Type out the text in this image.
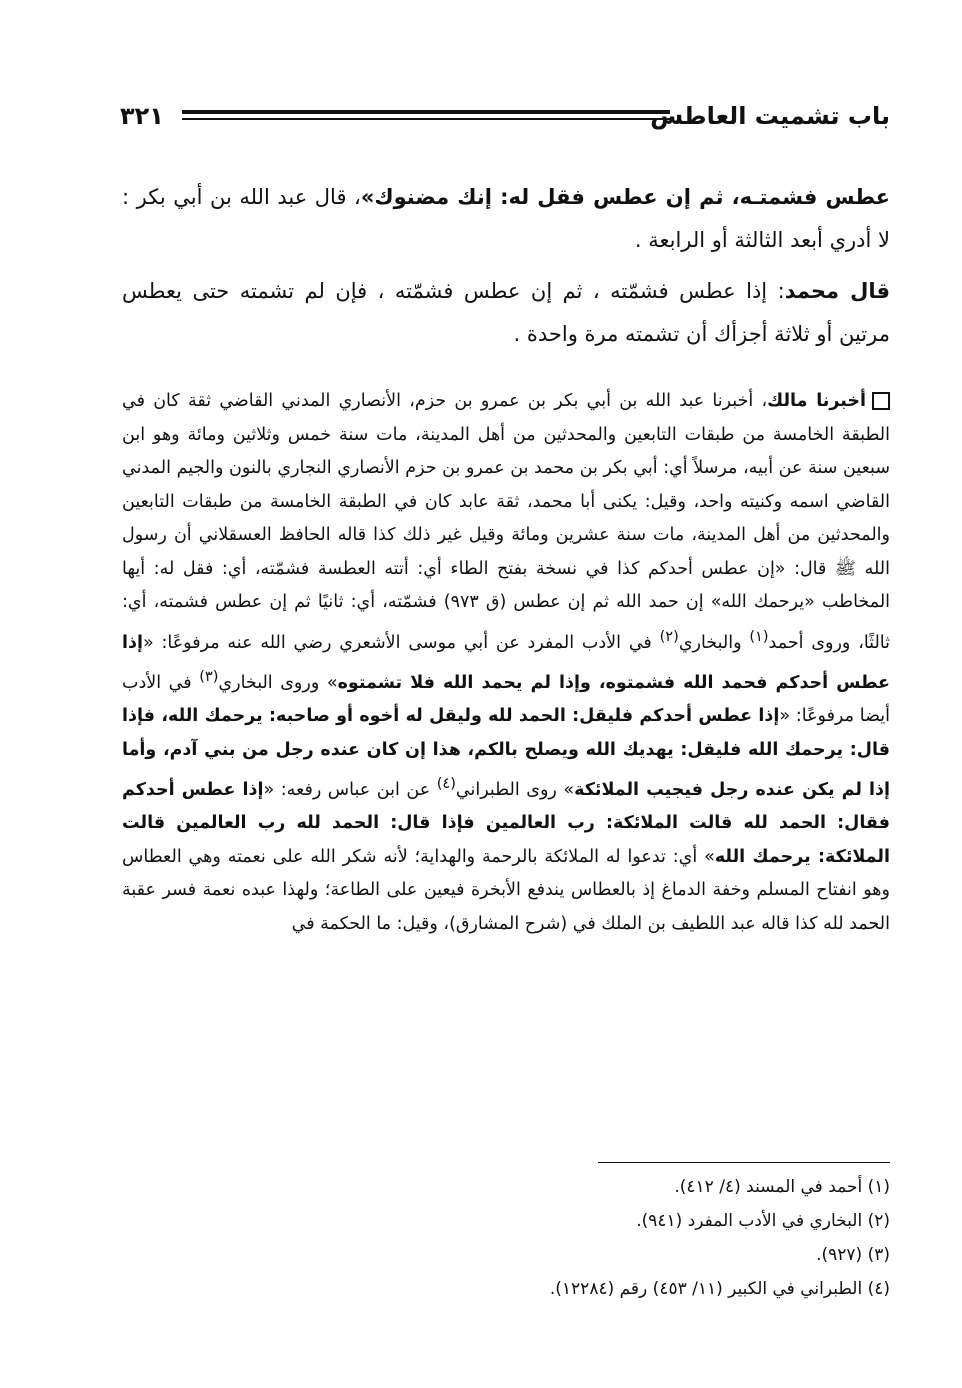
باب تشميت العاطس
٣٢١

عطس فشمتـه، ثم إن عطس فقل له: إنك مضنوك»، قال عبد الله بن أبي بكر : لا أدري أبعد الثالثة أو الرابعة .

قال محمد: إذا عطس فشمّته ، ثم إن عطس فشمّته ، فإن لم تشمته حتى يعطس مرتين أو ثلاثة أجزأك أن تشمته مرة واحدة .

أخبرنا مالك، أخبرنا عبد الله بن أبي بكر بن عمرو بن حزم، الأنصاري المدني القاضي ثقة كان في الطبقة الخامسة من طبقات التابعين والمحدثين من أهل المدينة، مات سنة خمس وثلاثين ومائة وهو ابن سبعين سنة عن أبيه، مرسلاً أي: أبي بكر بن محمد بن عمرو بن حزم الأنصاري النجاري بالنون والجيم المدني القاضي اسمه وكنيته واحد، وقيل: يكنى أبا محمد، ثقة عابد كان في الطبقة الخامسة من طبقات التابعين والمحدثين من أهل المدينة، مات سنة عشرين ومائة وقيل غير ذلك كذا قاله الحافظ العسقلاني أن رسول الله ﷺ قال: «إن عطس أحدكم كذا في نسخة بفتح الطاء أي: أتته العطسة فشمّته، أي: فقل له: أيها المخاطب «يرحمك الله» إن حمد الله ثم إن عطس (ق ٩٧٣) فشمّته، أي: ثانيًا ثم إن عطس فشمته، أي: ثالثًا، وروى أحمد$^{(١)}$ والبخاري$^{(٢)}$ في الأدب المفرد عن أبي موسى الأشعري رضي الله عنه مرفوعًا: «إذا عطس أحدكم فحمد الله فشمتوه، وإذا لم يحمد الله فلا تشمتوه» وروى البخاري$^{(٣)}$ في الأدب أيضا مرفوعًا: «إذا عطس أحدكم فليقل: الحمد لله وليقل له أخوه أو صاحبه: يرحمك الله، فإذا قال: يرحمك الله فليقل: يهديك الله ويصلح بالكم، هذا إن كان عنده رجل من بني آدم، وأما إذا لم يكن عنده رجل فيجيب الملائكة» روى الطبراني$^{(٤)}$ عن ابن عباس رفعه: «إذا عطس أحدكم فقال: الحمد لله قالت الملائكة: رب العالمين فإذا قال: الحمد لله رب العالمين قالت الملائكة: يرحمك الله» أي: تدعوا له الملائكة بالرحمة والهداية؛ لأنه شكر الله على نعمته وهي العطاس وهو انفتاح المسلم وخفة الدماغ إذ بالعطاس يندفع الأبخرة فيعين على الطاعة؛ ولهذا عبده نعمة فسر عقبة الحمد لله كذا قاله عبد اللطيف بن الملك في (شرح المشارق)، وقيل: ما الحكمة في
(١) أحمد في المسند (٤/ ٤١٢).
(٢) البخاري في الأدب المفرد (٩٤١).
(٣) (٩٢٧).
(٤) الطبراني في الكبير (١١/ ٤٥٣) رقم (١٢٢٨٤).
